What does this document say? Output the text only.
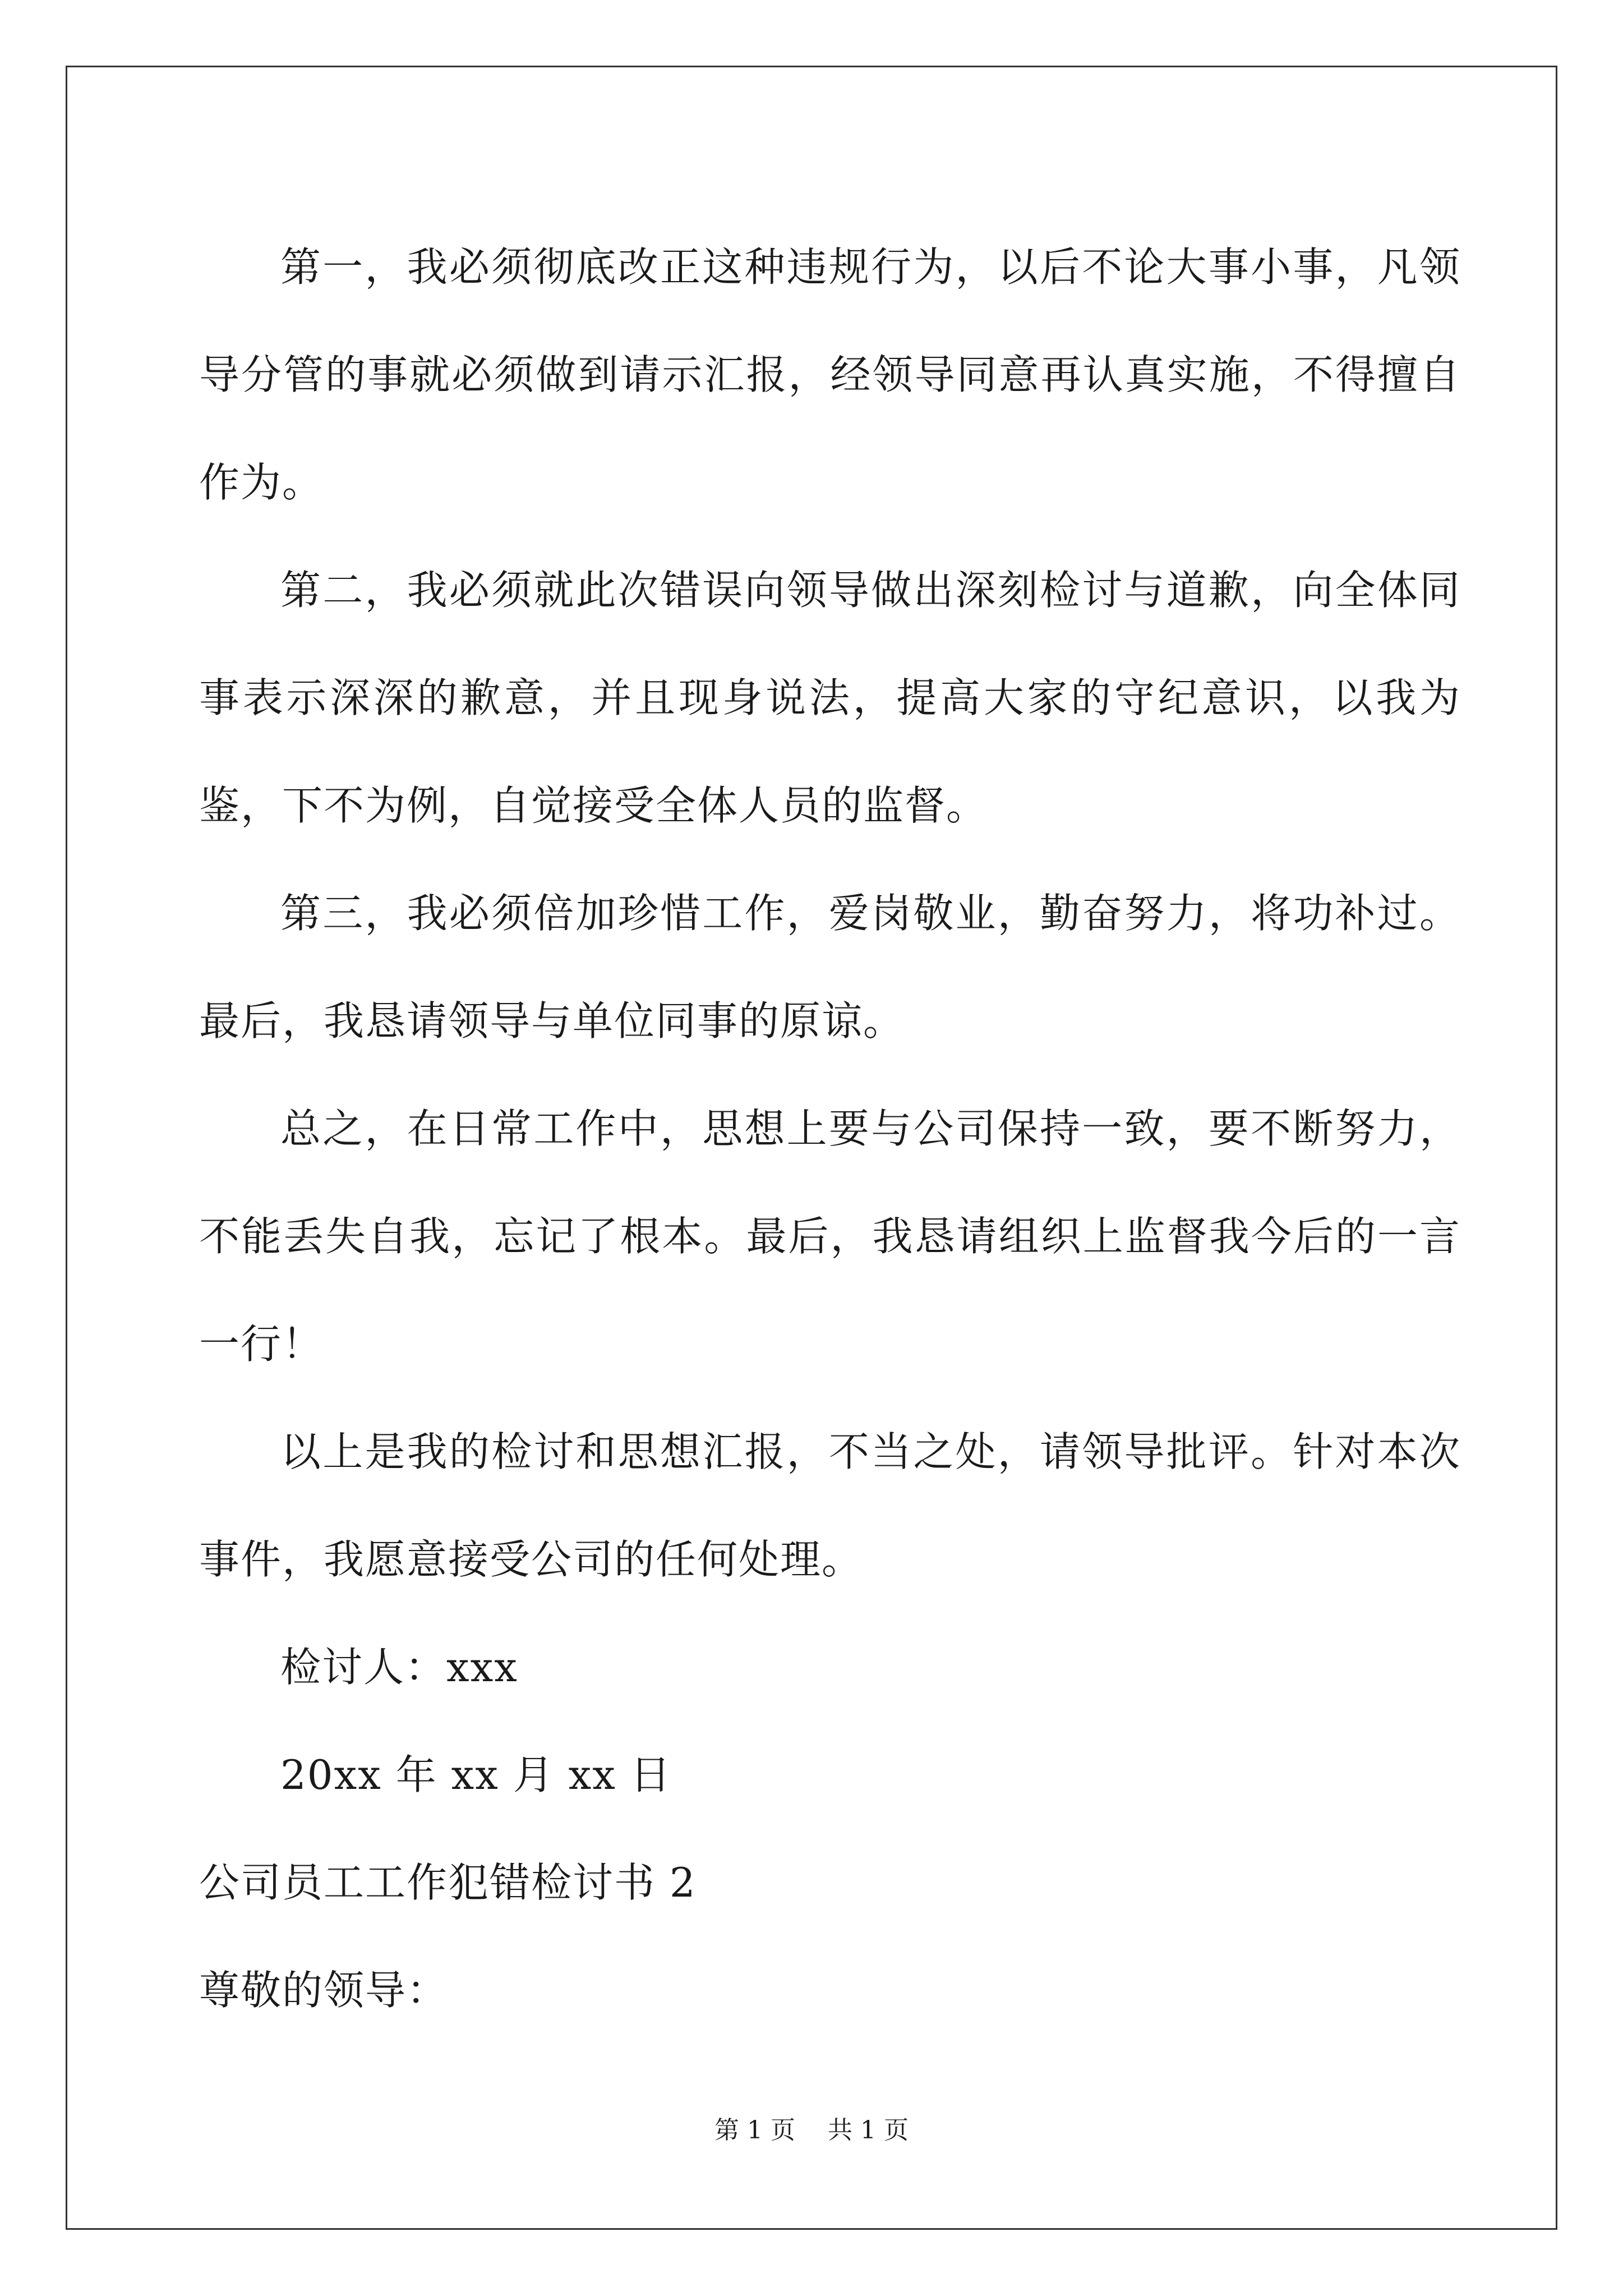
第一，我必须彻底改正这种违规行为，以后不论大事小事，凡领导分管的事就必须做到请示汇报，经领导同意再认真实施，不得擅自作为。

第二，我必须就此次错误向领导做出深刻检讨与道歉，向全体同事表示深深的歉意，并且现身说法，提高大家的守纪意识，以我为鉴，下不为例，自觉接受全体人员的监督。

第三，我必须倍加珍惜工作，爱岗敬业，勤奋努力，将功补过。最后，我恳请领导与单位同事的原谅。

总之，在日常工作中，思想上要与公司保持一致，要不断努力，不能丢失自我，忘记了根本。最后，我恳请组织上监督我今后的一言一行！

以上是我的检讨和思想汇报，不当之处，请领导批评。针对本次事件，我愿意接受公司的任何处理。

检讨人：xxx

20xx 年 xx 月 xx 日

公司员工工作犯错检讨书 2

尊敬的领导：

第 1 页 共 1 页
